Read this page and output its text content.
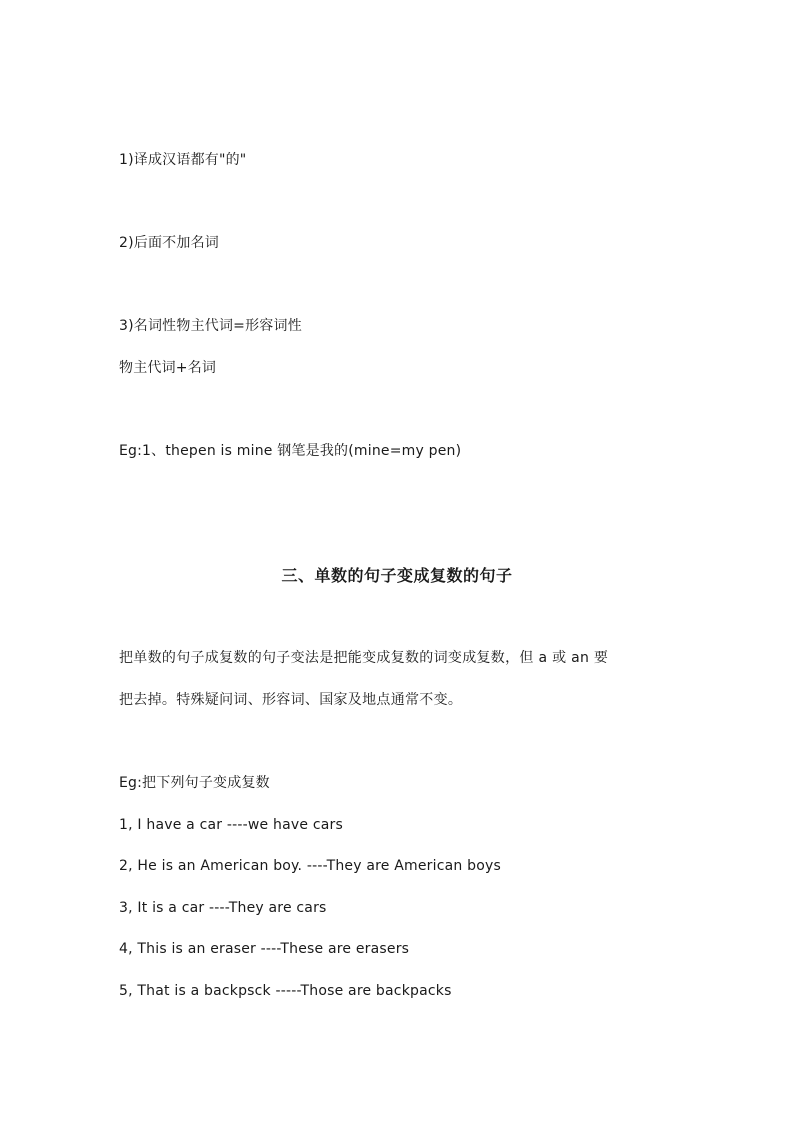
1)译成汉语都有"的"
2)后面不加名词
3)名词性物主代词=形容词性
物主代词+名词
Eg:1、thepen is mine 钢笔是我的(mine=my pen)
三、单数的句子变成复数的句子
把单数的句子成复数的句子变法是把能变成复数的词变成复数，但 a 或 an 要
把去掉。特殊疑问词、形容词、国家及地点通常不变。
Eg:把下列句子变成复数
1, I have a car ----we have cars
2, He is an American boy. ----They are American boys
3, It is a car ----They are cars
4, This is an eraser ----These are erasers
5, That is a backpsck -----Those are backpacks
